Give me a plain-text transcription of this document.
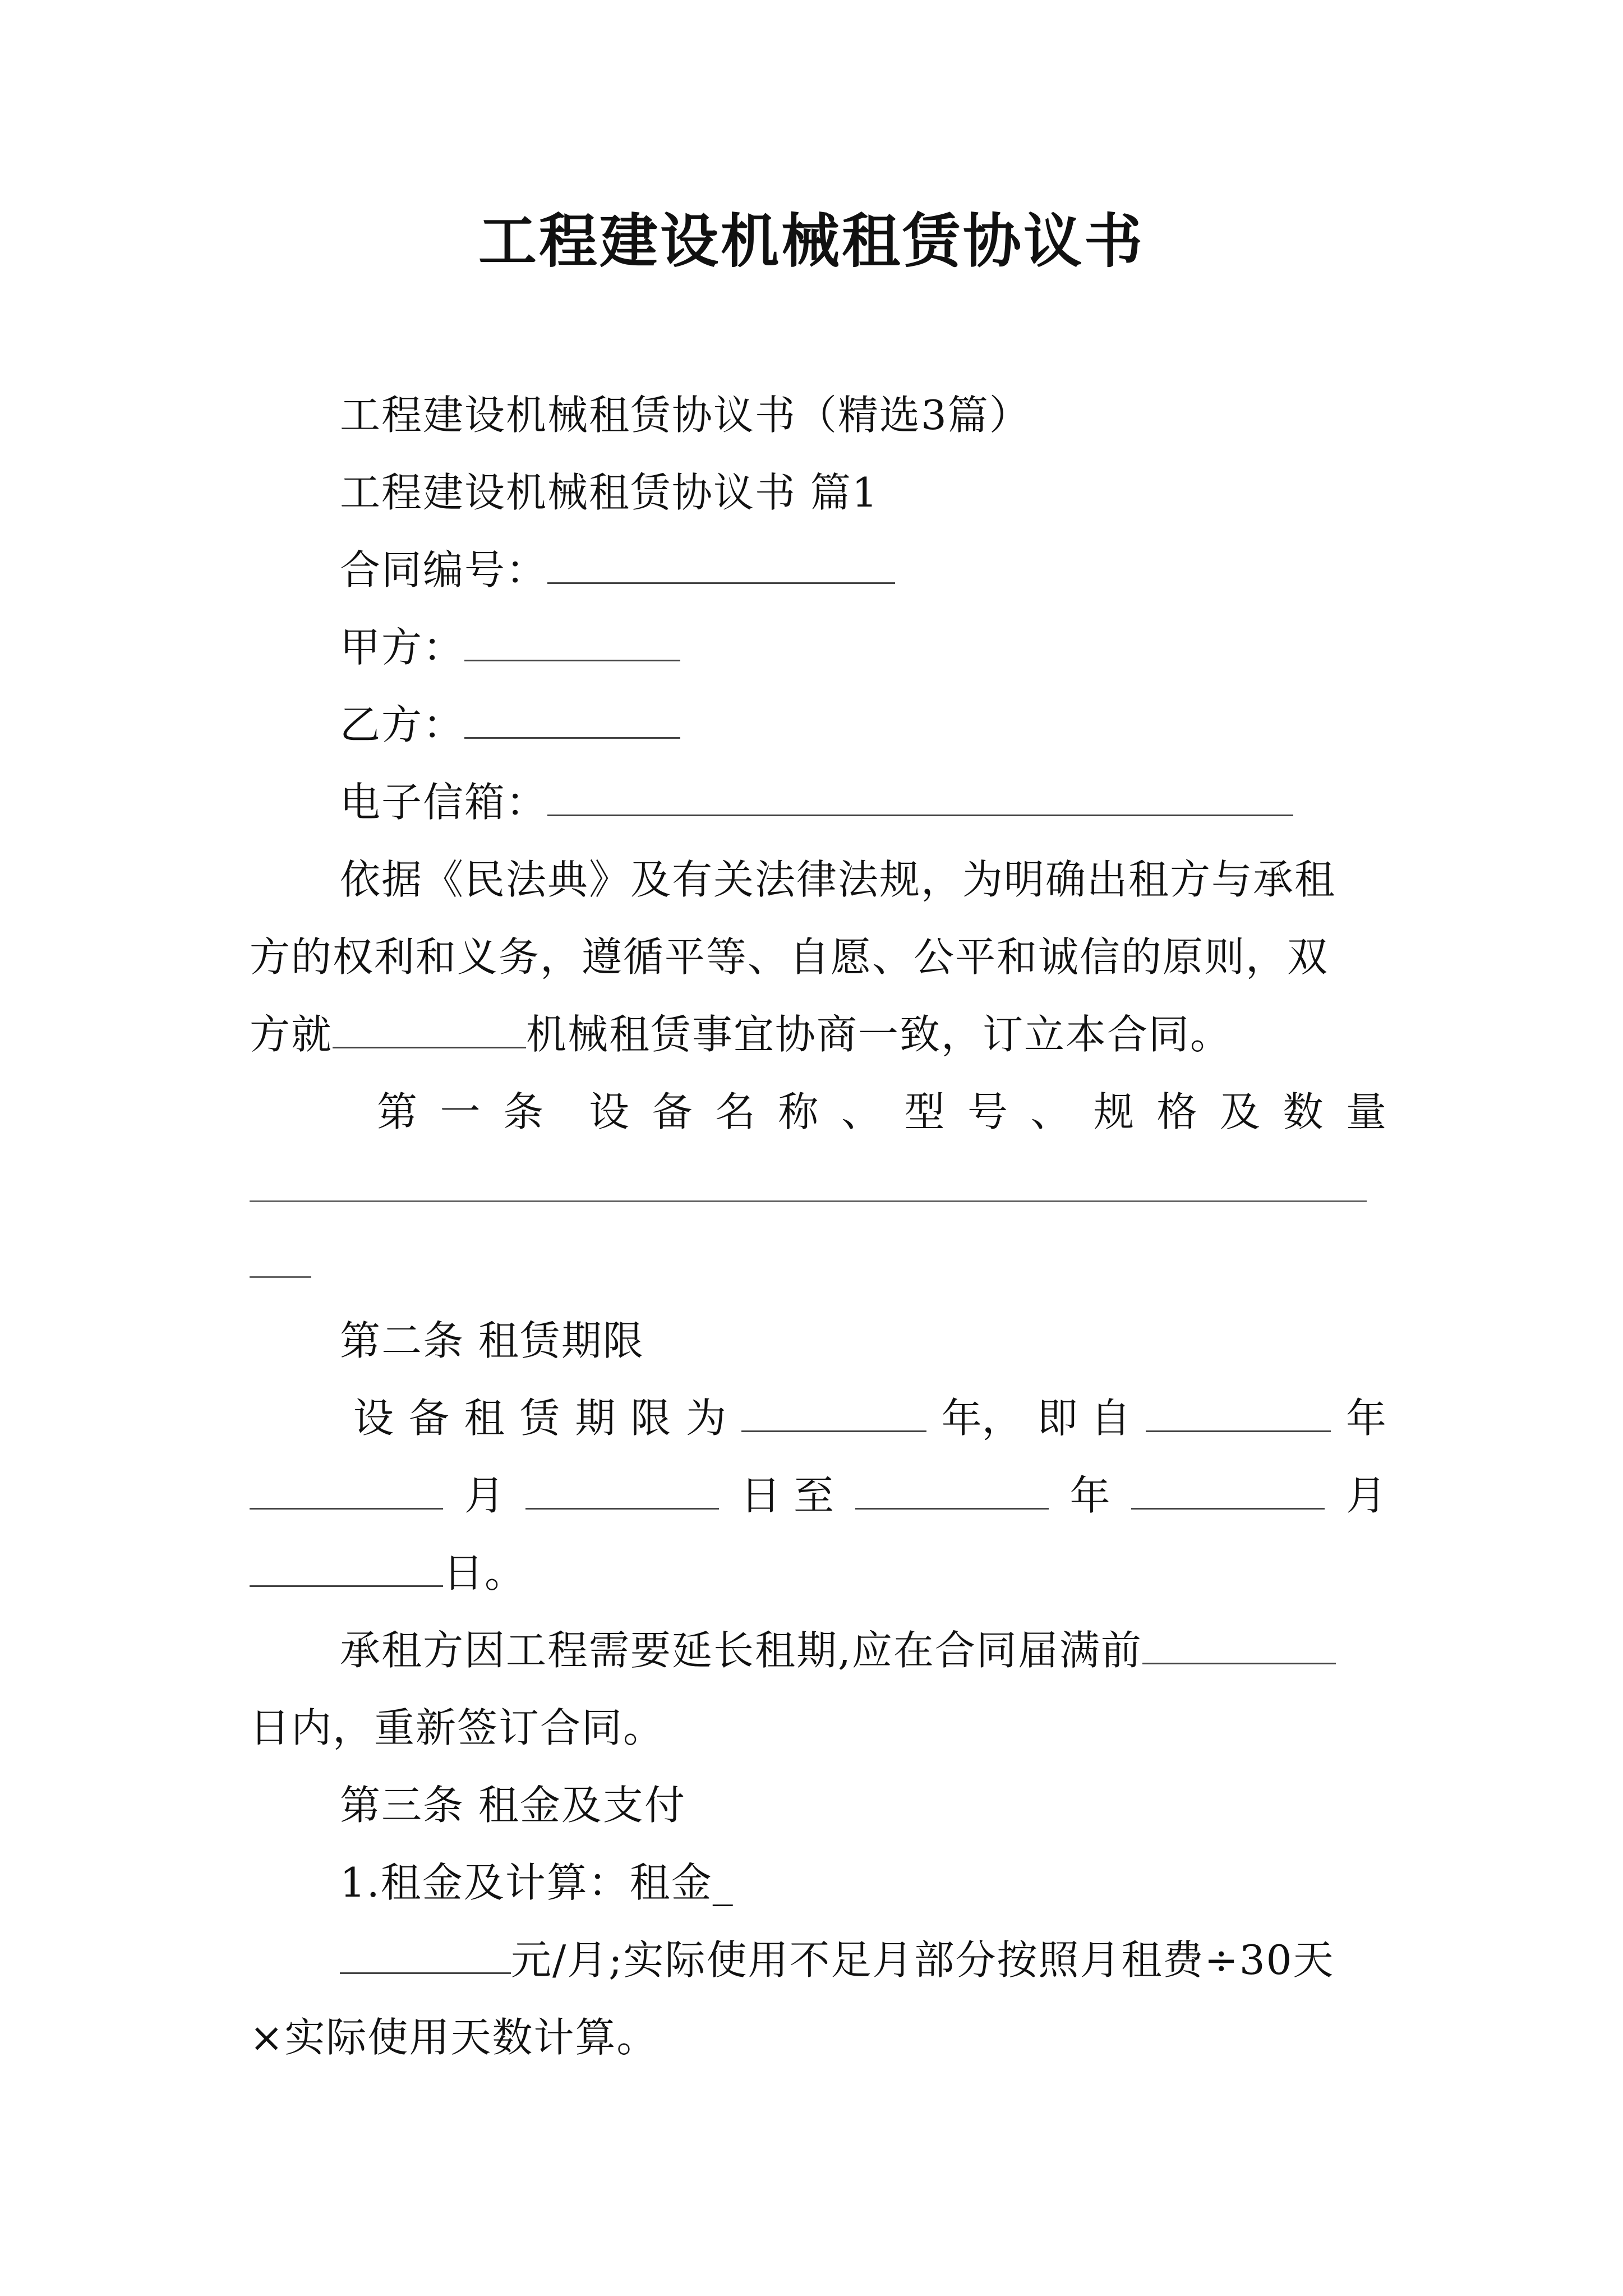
工程建设机械租赁协议书
工程建设机械租赁协议书（精选3篇）
工程建设机械租赁协议书 篇1
合同编号：
甲方：
乙方：
电子信箱：
依据《民法典》及有关法律法规，为明确出租方与承租
方的权利和义务，遵循平等、自愿、公平和诚信的原则，双
方就	机械租赁事宜协商一致，订立本合同。
第 一 条 设 备 名 称 、 型 号 、 规 格 及 数 量
第二条 租赁期限
设 备 租 赁 期 限 为	年， 即 自	年
月	日 至	年	月
日。
承租方因工程需要延长租期,应在合同届满前
日内，重新签订合同。
第三条 租金及支付
1.租金及计算：租金_
元/月;实际使用不足月部分按照月租费÷30天
×实际使用天数计算。
